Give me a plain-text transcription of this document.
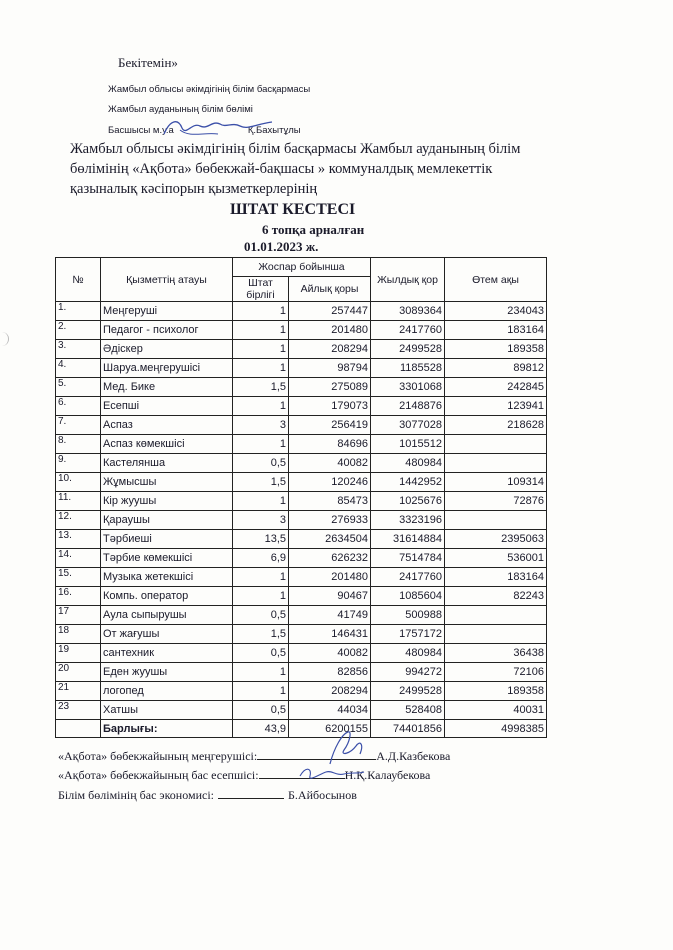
Бекітемін»
Жамбыл облысы әкімдігінің білім басқармасы
Жамбыл ауданының білім бөлімі
Басшысы м.у.а	Қ.Бахытұлы
Жамбыл облысы әкімдігінің білім басқармасы Жамбыл ауданының білім
бөлімінің «Ақбота» бөбекжай-бақшасы » коммуналдық мемлекеттік
қазыналық кәсіпорын қызметкерлерінің
ШТАТ КЕСТЕСІ
6 топқа арналған
01.01.2023 ж.
№	Қызметтің атауы	Жоспар бойынша		Жылдық қор	Өтем ақы
		Штат бірлігі	Айлық қоры		
1.	Меңгеруші	1	257447	3089364	234043
2.	Педагог - психолог	1	201480	2417760	183164
3.	Әдіскер	1	208294	2499528	189358
4.	Шаруа.меңгерушісі	1	98794	1185528	89812
5.	Мед. Бике	1,5	275089	3301068	242845
6.	Есепші	1	179073	2148876	123941
7.	Аспаз	3	256419	3077028	218628
8.	Аспаз көмекшісі	1	84696	1015512	
9.	Кастелянша	0,5	40082	480984	
10.	Жұмысшы	1,5	120246	1442952	109314
11.	Кір жуушы	1	85473	1025676	72876
12.	Қараушы	3	276933	3323196	
13.	Тәрбиеші	13,5	2634504	31614884	2395063
14.	Тәрбие көмекшісі	6,9	626232	7514784	536001
15.	Музыка жетекшісі	1	201480	2417760	183164
16.	Компь. оператор	1	90467	1085604	82243
17	Аула сыпырушы	0,5	41749	500988	
18	От жағушы	1,5	146431	1757172	
19	сантехник	0,5	40082	480984	36438
20	Еден жуушы	1	82856	994272	72106
21	логопед	1	208294	2499528	189358
23	Хатшы	0,5	44034	528408	40031
	Барлығы:	43,9	6200155	74401856	4998385
«Ақбота» бөбекжайының меңгерушісі:	А.Д.Казбекова
«Ақбота» бөбекжайының бас есепшісі:	Н.Қ.Калаубекова
Білім бөлімінің бас экономисі:	Б.Айбосынов
